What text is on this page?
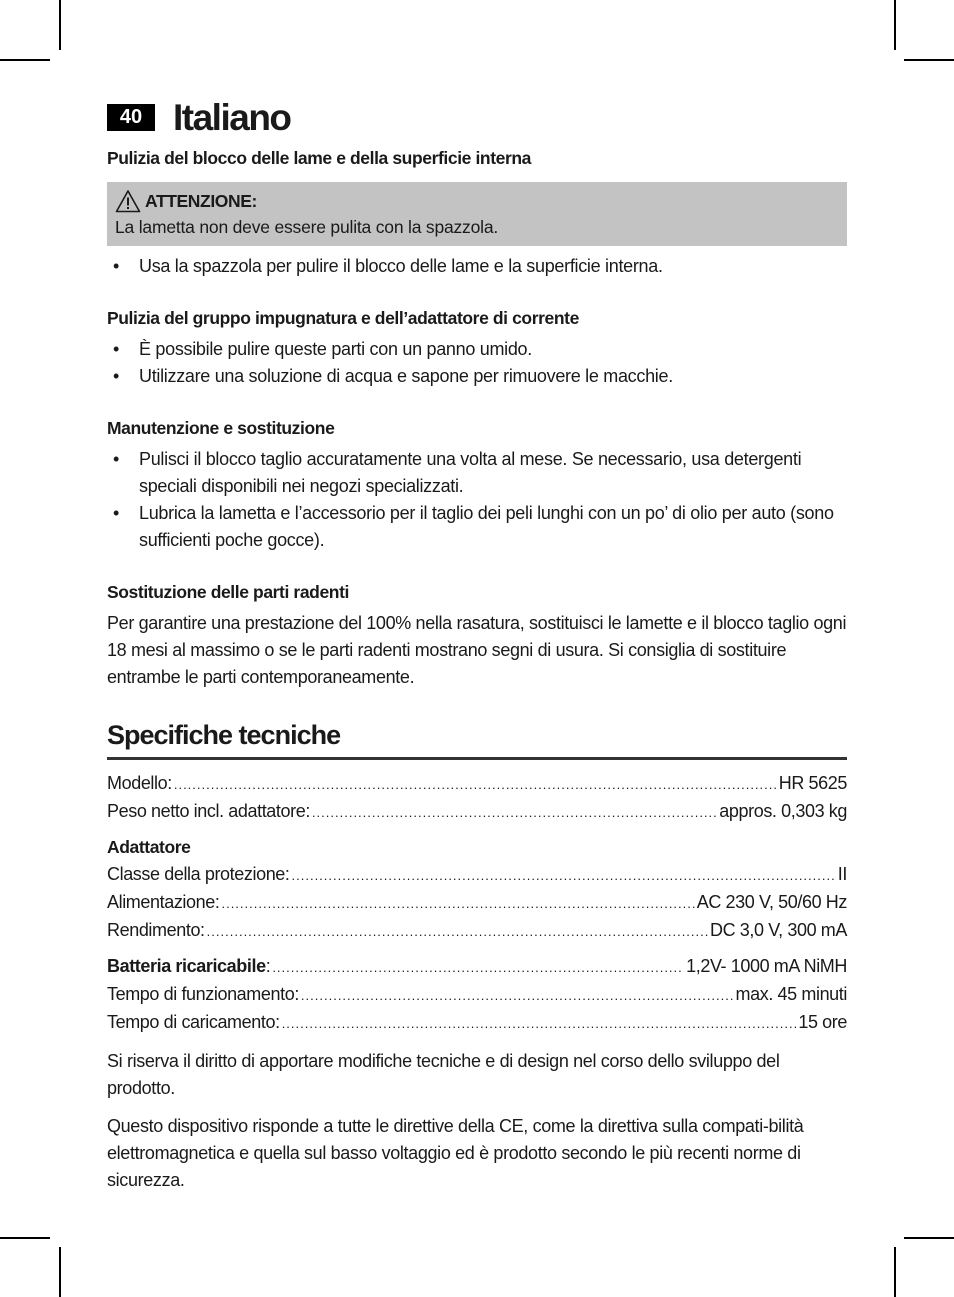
40 Italiano

Pulizia del blocco delle lame e della superficie interna

ATTENZIONE:
La lametta non deve essere pulita con la spazzola.
• Usa la spazzola per pulire il blocco delle lame e la superficie interna.

Pulizia del gruppo impugnatura e dell’adattatore di corrente

• È possibile pulire queste parti con un panno umido.
• Utilizzare una soluzione di acqua e sapone per rimuovere le macchie.

Manutenzione e sostituzione

• Pulisci il blocco taglio accuratamente una volta al mese. Se necessario, usa detergenti speciali disponibili nei negozi specializzati.
• Lubrica la lametta e l’accessorio per il taglio dei peli lunghi con un po’ di olio per auto (sono sufficienti poche gocce).

Sostituzione delle parti radenti

Per garantire una prestazione del 100% nella rasatura, sostituisci le lamette e il blocco taglio ogni 18 mesi al massimo o se le parti radenti mostrano segni di usura. Si consiglia di sostituire entrambe le parti contemporaneamente.

Specifiche tecniche
Modello: .....	HR 5625
Peso netto incl. adattatore: .....	appros. 0,303 kg

Adattatore

Classe della protezione: .....	II
Alimentazione: .....	AC 230 V, 50/60 Hz
Rendimento: .....	DC 3,0 V, 300 mA
Batteria ricaricabile: .....	1,2V- 1000 mA NiMH
Tempo di funzionamento: .....	max. 45 minuti
Tempo di caricamento: .....	15 ore

Si riserva il diritto di apportare modifiche tecniche e di design nel corso dello sviluppo del prodotto.

Questo dispositivo risponde a tutte le direttive della CE, come la direttiva sulla compati-bilità elettromagnetica e quella sul basso voltaggio ed è prodotto secondo le più recenti norme di sicurezza.
